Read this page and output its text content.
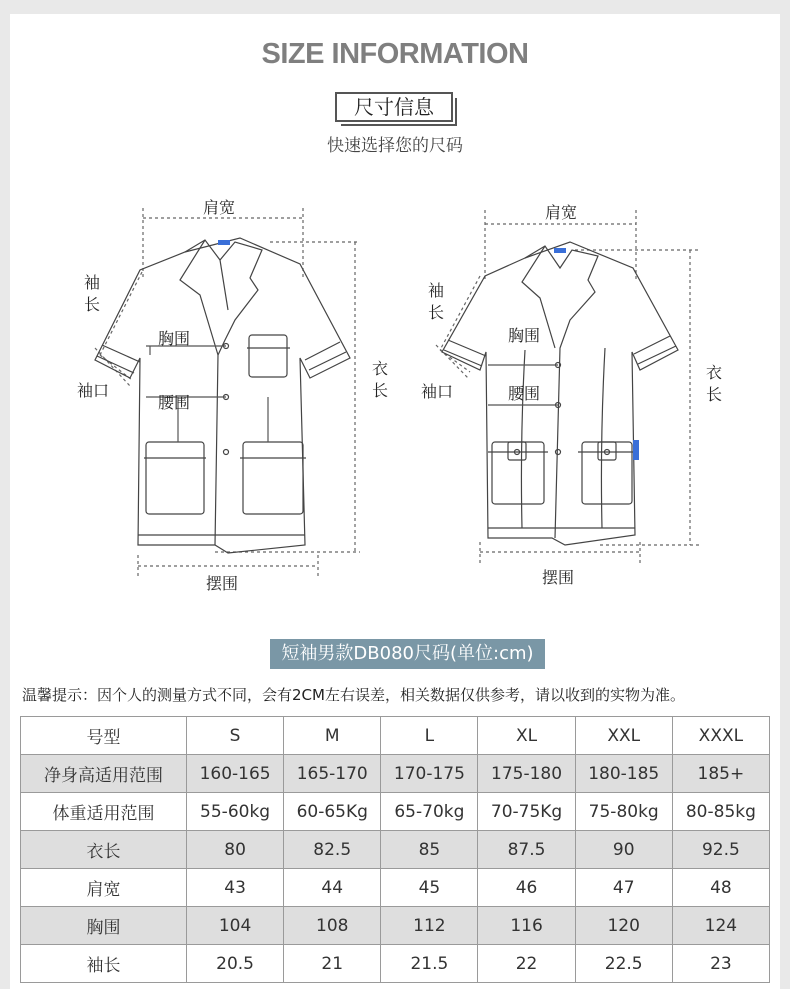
SIZE INFORMATION
尺寸信息
快速选择您的尺码
肩宽
袖长
胸围
袖口
腰围
衣长
摆围
肩宽
袖长
胸围
袖口	腰围
衣长
摆围
短袖男款DB080尺码(单位:cm)
温馨提示：因个人的测量方式不同，会有2CM左右误差，相关数据仅供参考，请以收到的实物为准。
号型	S	M	L	XL	XXL	XXXL
净身高适用范围	160-165	165-170	170-175	175-180	180-185	185+
体重适用范围	55-60kg	60-65Kg	65-70kg	70-75Kg	75-80kg	80-85kg
衣长	80	82.5	85	87.5	90	92.5
肩宽	43	44	45	46	47	48
胸围	104	108	112	116	120	124
袖长	20.5	21	21.5	22	22.5	23
